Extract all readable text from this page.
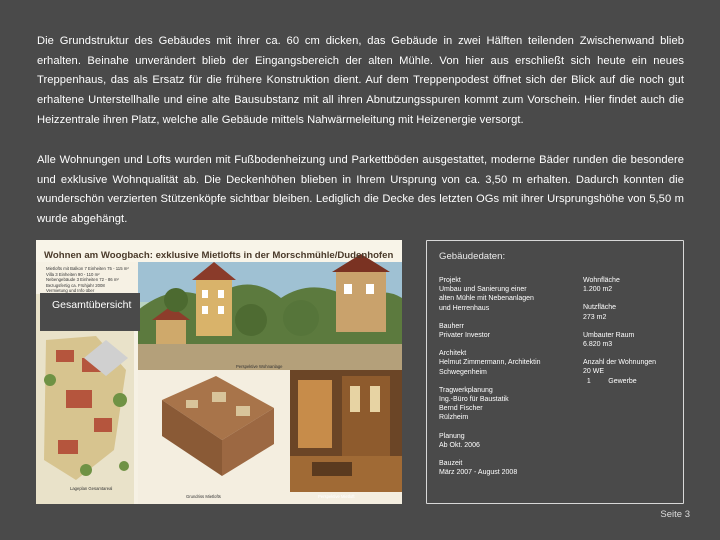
Die Grundstruktur des Gebäudes mit ihrer ca. 60 cm dicken, das Gebäude in zwei Hälften teilenden Zwischenwand blieb erhalten. Beinahe unverändert blieb der Eingangsbereich der alten Mühle. Von hier aus erschließt sich heute ein neues Treppenhaus, das als Ersatz für die frühere Konstruktion dient. Auf dem Treppenpodest öffnet sich der Blick auf die noch gut erhaltene Unterstellhalle und eine alte Bausubstanz mit all ihren Abnutzungsspuren kommt zum Vorschein. Hier findet auch die Heizzentrale ihren Platz, welche alle Gebäude mittels Nahwärmeleitung mit Heizenergie versorgt.

Alle Wohnungen und Lofts wurden mit Fußbodenheizung und Parkettböden ausgestattet, moderne Bäder runden die besondere und exklusive Wohnqualität ab. Die Deckenhöhen blieben in Ihrem Ursprung von ca. 3,50 m erhalten. Dadurch konnten die wunderschön verzierten Stützenköpfe sichtbar bleiben. Lediglich die Decke des letzten OGs mit ihrer Ursprungshöhe von 5,50 m wurde abgehängt.

Wohnen am Woogbach: exklusive Mietlofts in der Morschmühle/Dudenhofen
Mietlofts mit Balkon 7 Einheiten 75 - 115 m²
Villa 3 Einheiten 90 - 110 m²
Nebengebäude 3 Einheiten 72 - 86 m²
Bezugsfertig ca. Frühjahr 2008
Vermietung und Info über
Gesamtübersicht
Lageplan Gesamtareal
Perspektive Wohnanlage
Grundriss Mietlofts	Perspektive Mietloft
Gebäudedaten:
Projekt
Umbau und Sanierung einer
alten Mühle mit Nebenanlagen
und Herrenhaus
Bauherr
Privater Investor
Architekt
Helmut Zimmermann, Architektin
Schwegenheim
Tragwerkplanung
Ing.-Büro für Baustatik
Bernd Fischer
Rülzheim
Planung
Ab Okt. 2006
Bauzeit
März 2007 - August 2008
Wohnfläche
1.200 m2
Nutzfläche
273 m2
Umbauter Raum
6.820 m3
Anzahl der Wohnungen
20 WE
1         Gewerbe
Seite 3
